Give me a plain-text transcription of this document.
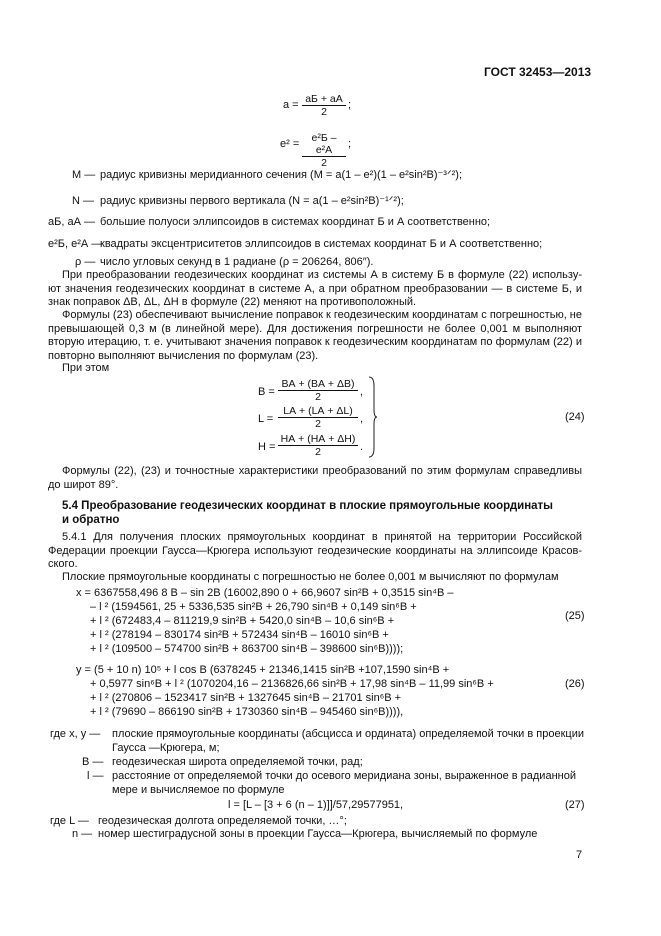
ГОСТ 32453—2013
a = aБ + aА
2
;
e² =	e²Б – e²А
2
;
M — радиус кривизны меридианного сечения (M = a(1 – e²)(1 – e²sin²B)⁻³ᐟ²);
N — радиус кривизны первого вертикала (N = a(1 – e²sin²B)⁻¹ᐟ²);
aБ, aА — большие полуоси эллипсоидов в системах координат Б и А соответственно;
e²Б, e²А —
квадраты эксцентриситетов эллипсоидов в системах координат Б и А соответственно;
ρ — число угловых секунд в 1 радиане (ρ = 206264, 806″).
При преобразовании геодезических координат из системы А в систему Б в формуле (22) использу-ют значения геодезических координат в системе А, а при обратном преобразовании — в системе Б, и знак поправок ΔB, ΔL, ΔH в формуле (22) меняют на противоположный.
Формулы (23) обеспечивают вычисление поправок к геодезическим координатам с погрешностью, не превышающей 0,3 м (в линейной мере). Для достижения погрешности не более 0,001 м выполняют вторую итерацию, т. е. учитывают значения поправок к геодезическим координатам по формулам (22) и повторно выполняют вычисления по формулам (23).
При этом
B =
BА + (BА + ΔB)
2	,
L =
LА + (LА + ΔL)
2	,
H =
HА + (HА + ΔH)
2	.
(24)
Формулы (22), (23) и точностные характеристики преобразований по этим формулам справедливы до широт 89°.
5.4 Преобразование геодезических координат в плоские прямоугольные координаты
и обратно
5.4.1 Для получения плоских прямоугольных координат в принятой на территории Российской Федерации проекции Гаусса—Крюгера используют геодезические координаты на эллипсоиде Красов-ского.
Плоские прямоугольные координаты с погрешностью не более 0,001 м вычисляют по формулам
x = 6367558,496 8 B – sin 2B (16002,890 0 + 66,9607 sin²B + 0,3515 sin⁴B –
– l ² (1594561, 25 + 5336,535 sin²B + 26,790 sin⁴B + 0,149 sin⁶B +
+ l ² (672483,4 – 811219,9 sin²B + 5420,0 sin⁴B – 10,6 sin⁶B +
+ l ² (278194 – 830174 sin²B + 572434 sin⁴B – 16010 sin⁶B +
+ l ² (109500 – 574700 sin²B + 863700 sin⁴B – 398600 sin⁶B))));
(25)
y = (5 + 10 n) 10⁵ + l cos B (6378245 + 21346,1415 sin²B +107,1590 sin⁴B +
+ 0,5977 sin⁶B + l ² (1070204,16 – 2136826,66 sin²B + 17,98 sin⁴B – 11,99 sin⁶B +
+ l ² (270806 – 1523417 sin²B + 1327645 sin⁴B – 21701 sin⁶B +
+ l ² (79690 – 866190 sin²B + 1730360 sin⁴B – 945460 sin⁶B)))),
(26)
где x, y — плоские прямоугольные координаты (абсцисса и ордината) определяемой точки в проекции
Гаусса —Крюгера, м;
B — геодезическая широта определяемой точки, рад;
l — расстояние от определяемой точки до осевого меридиана зоны, выраженное в радианной
мере и вычисляемое по формуле
l = [L – [3 + 6 (n – 1)]]/57,29577951,	(27)
где L — геодезическая долгота определяемой точки, …°;
n — номер шестиградусной зоны в проекции Гаусса—Крюгера, вычисляемый по формуле
7
